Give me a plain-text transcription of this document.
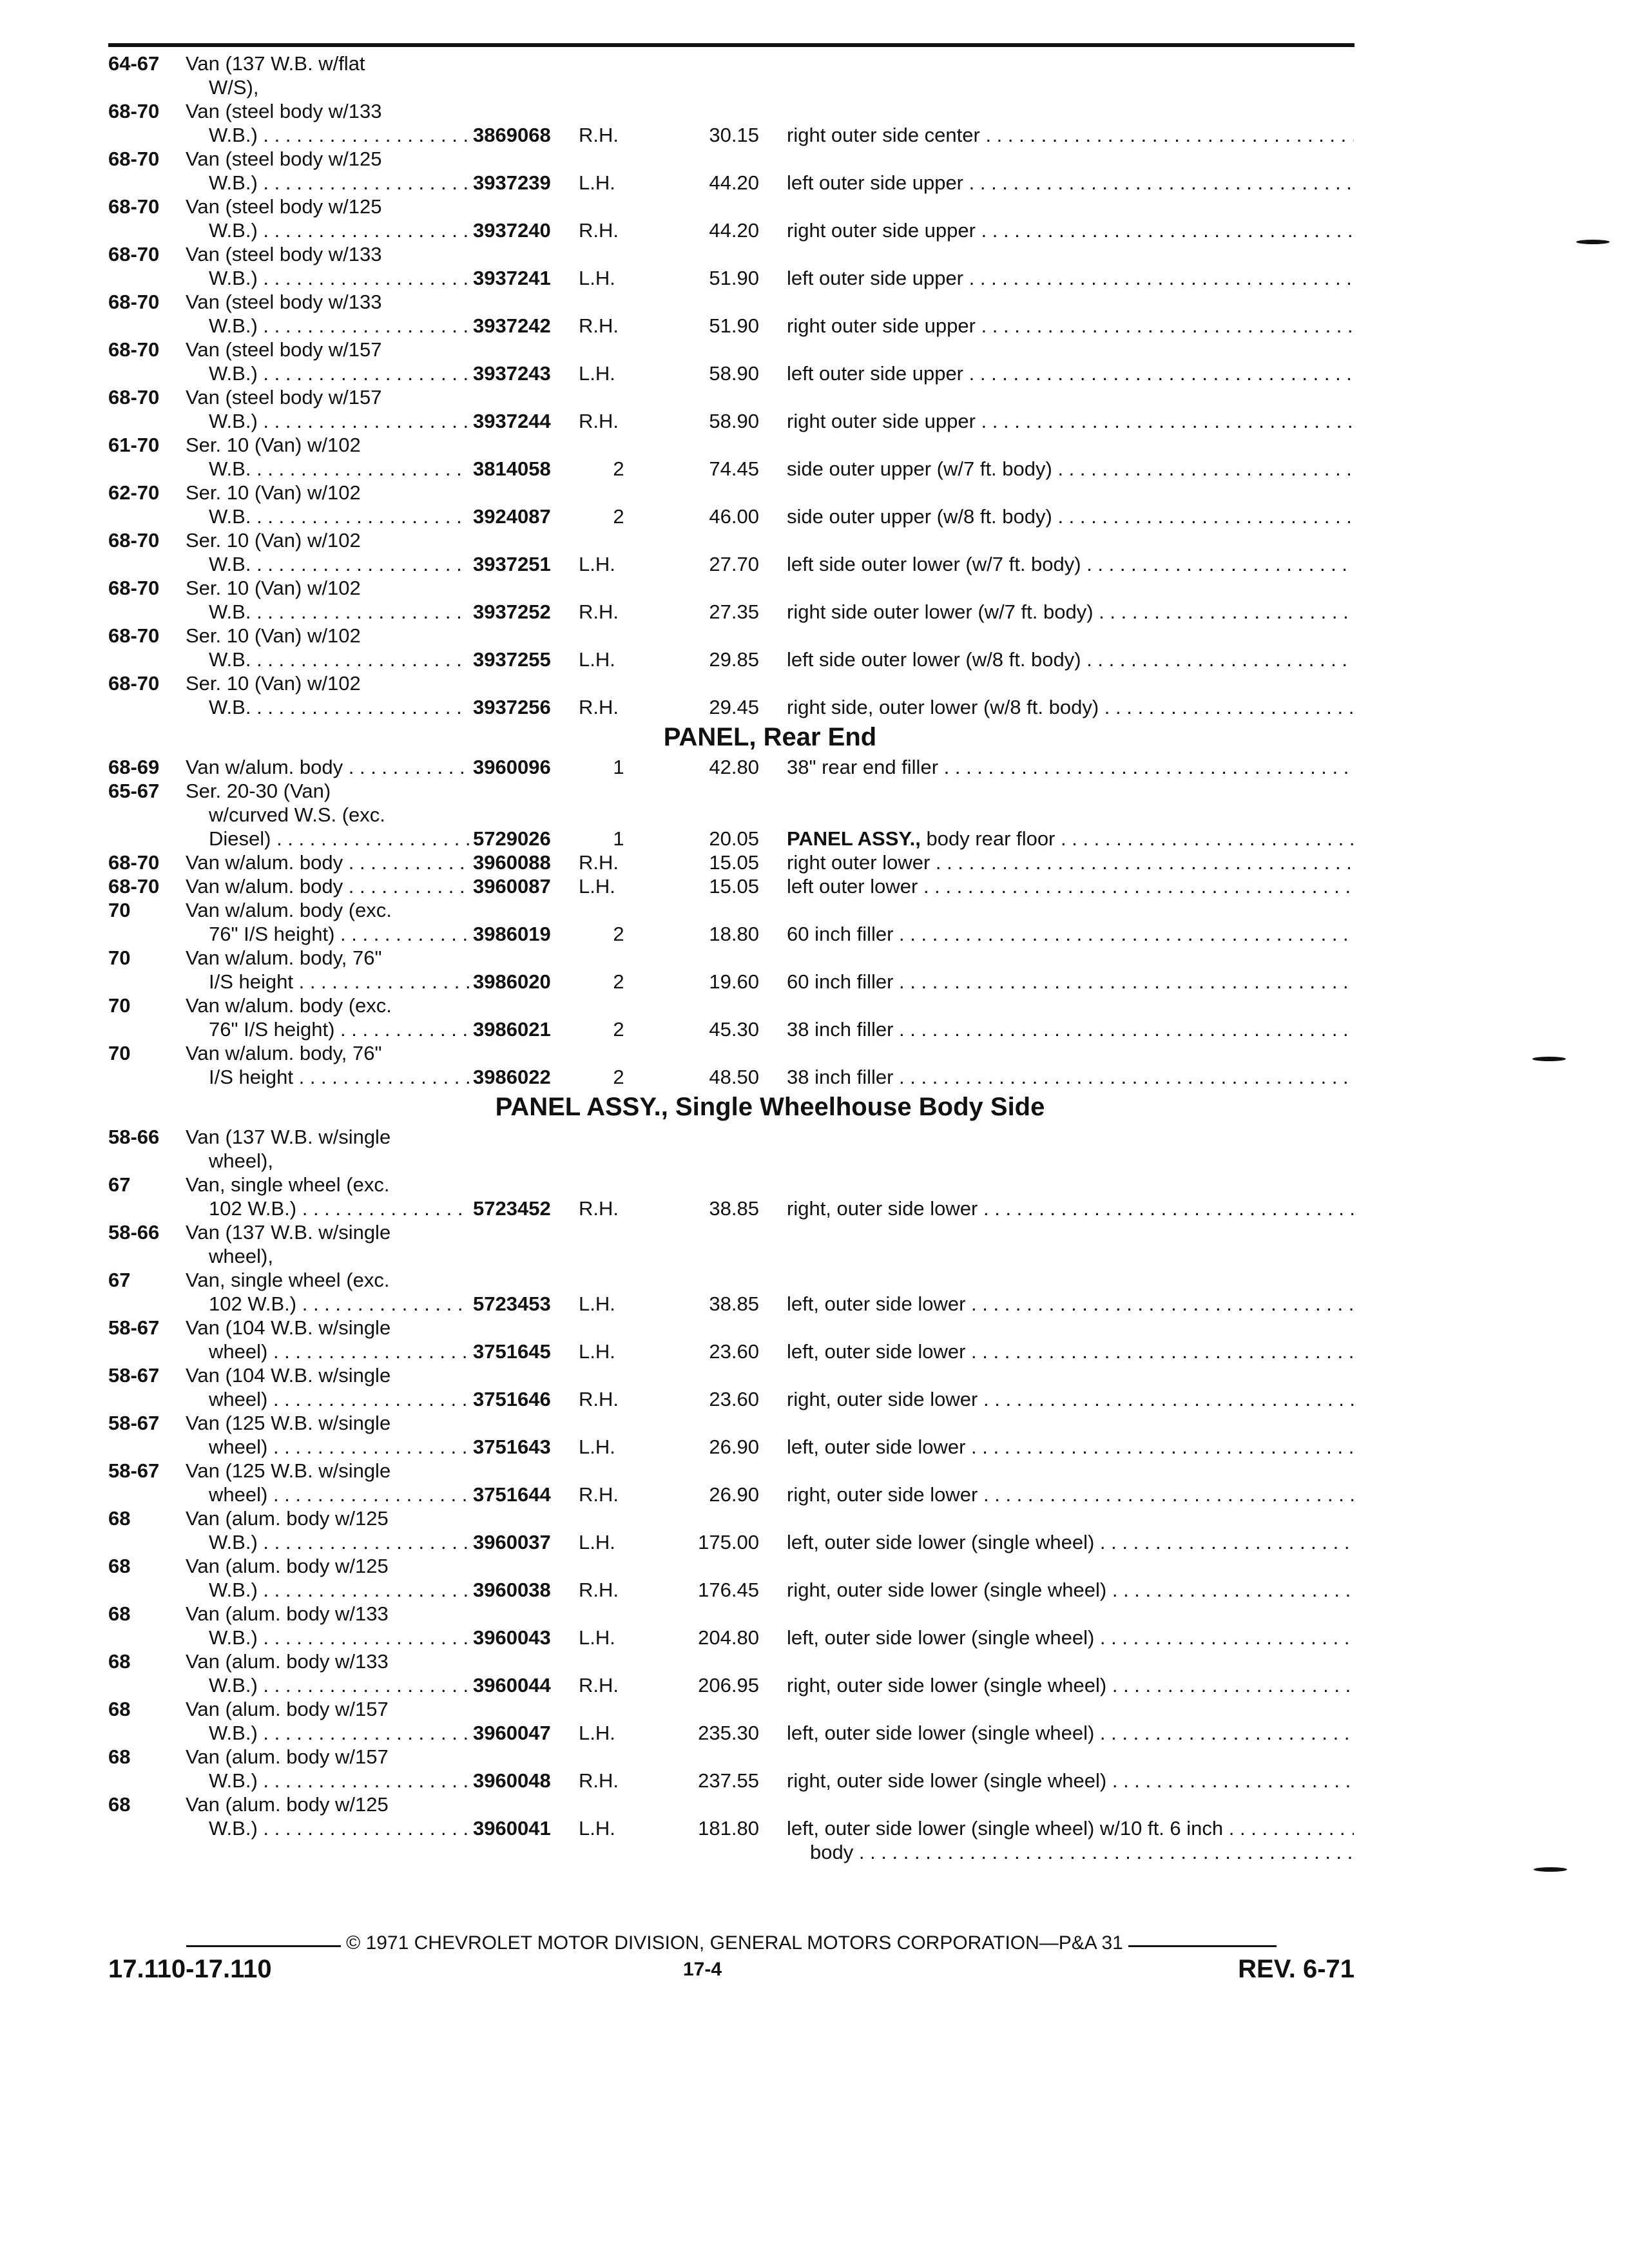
64-67	Van (137 W.B. w/flat
W/S),
68-70	Van (steel body w/133
W.B.) . . .	3869068	R.H.	30.15 right outer side center . . .
68-70	Van (steel body w/125
W.B.) . . .	3937239	L.H.	44.20 left outer side upper . . .
68-70	Van (steel body w/125
W.B.) . . .	3937240	R.H.	44.20 right outer side upper . . .
68-70	Van (steel body w/133
W.B.) . . .	3937241	L.H.	51.90 left outer side upper . . .
68-70	Van (steel body w/133
W.B.) . . .	3937242	R.H.	51.90 right outer side upper . . .
68-70	Van (steel body w/157
W.B.) . . .	3937243	L.H.	58.90 left outer side upper . . .
68-70	Van (steel body w/157
W.B.) . . .	3937244	R.H.	58.90 right outer side upper . . .
61-70	Ser. 10 (Van) w/102
W.B. . . .	3814058	2	74.45 side outer upper (w/7 ft. body) . . .
62-70	Ser. 10 (Van) w/102
W.B. . . .	3924087	2	46.00 side outer upper (w/8 ft. body) . . .
68-70	Ser. 10 (Van) w/102
W.B. . . .	3937251	L.H.	27.70 left side outer lower (w/7 ft. body) . . .
68-70	Ser. 10 (Van) w/102
W.B. . . .	3937252	R.H.	27.35 right side outer lower (w/7 ft. body) . . .
68-70	Ser. 10 (Van) w/102
W.B. . . .	3937255	L.H.	29.85 left side outer lower (w/8 ft. body) . . .
68-70	Ser. 10 (Van) w/102
W.B. . . .	3937256	R.H.	29.45 right side, outer lower (w/8 ft. body) . . .
PANEL, Rear End
68-69	Van w/alum. body . . .	3960096	1	42.80 38" rear end filler . . .
65-67	Ser. 20-30 (Van)
w/curved W.S. (exc.
Diesel) . . .	5729026	1	20.05 PANEL ASSY., body rear floor . . .
68-70	Van w/alum. body . . .	3960088	R.H.	15.05 right outer lower . . .
68-70	Van w/alum. body . . .	3960087	L.H.	15.05 left outer lower . . .
70	Van w/alum. body (exc.
76" I/S height) . . .	3986019	2	18.80 60 inch filler . . .
70	Van w/alum. body, 76"
I/S height . . .	3986020	2	19.60 60 inch filler . . .
70	Van w/alum. body (exc.
76" I/S height) . . .	3986021	2	45.30 38 inch filler . . .
70	Van w/alum. body, 76"
I/S height . . .	3986022	2	48.50 38 inch filler . . .
PANEL ASSY., Single Wheelhouse Body Side
58-66	Van (137 W.B. w/single
wheel),
67	Van, single wheel (exc.
102 W.B.) . . .	5723452	R.H.	38.85 right, outer side lower . . .
58-66	Van (137 W.B. w/single
wheel),
67	Van, single wheel (exc.
102 W.B.) . . .	5723453	L.H.	38.85 left, outer side lower . . .
58-67	Van (104 W.B. w/single
wheel) . . .	3751645	L.H.	23.60 left, outer side lower . . .
58-67	Van (104 W.B. w/single
wheel) . . .	3751646	R.H.	23.60 right, outer side lower . . .
58-67	Van (125 W.B. w/single
wheel) . . .	3751643	L.H.	26.90 left, outer side lower . . .
58-67	Van (125 W.B. w/single
wheel) . . .	3751644	R.H.	26.90 right, outer side lower . . .
68	Van (alum. body w/125
W.B.) . . .	3960037	L.H.	175.00 left, outer side lower (single wheel) . . .
68	Van (alum. body w/125
W.B.) . . .	3960038	R.H.	176.45 right, outer side lower (single wheel) . . .
68	Van (alum. body w/133
W.B.) . . .	3960043	L.H.	204.80 left, outer side lower (single wheel) . . .
68	Van (alum. body w/133
W.B.) . . .	3960044	R.H.	206.95 right, outer side lower (single wheel) . . .
68	Van (alum. body w/157
W.B.) . . .	3960047	L.H.	235.30 left, outer side lower (single wheel) . . .
68	Van (alum. body w/157
W.B.) . . .	3960048	R.H.	237.55 right, outer side lower (single wheel) . . .
68	Van (alum. body w/125
W.B.) . . .	3960041	L.H.	181.80 left, outer side lower (single wheel) w/10 ft. 6 inch . . .
body . . .
© 1971 CHEVROLET MOTOR DIVISION, GENERAL MOTORS CORPORATION—P&A 31
17.110-17.110	17-4	REV. 6-71
